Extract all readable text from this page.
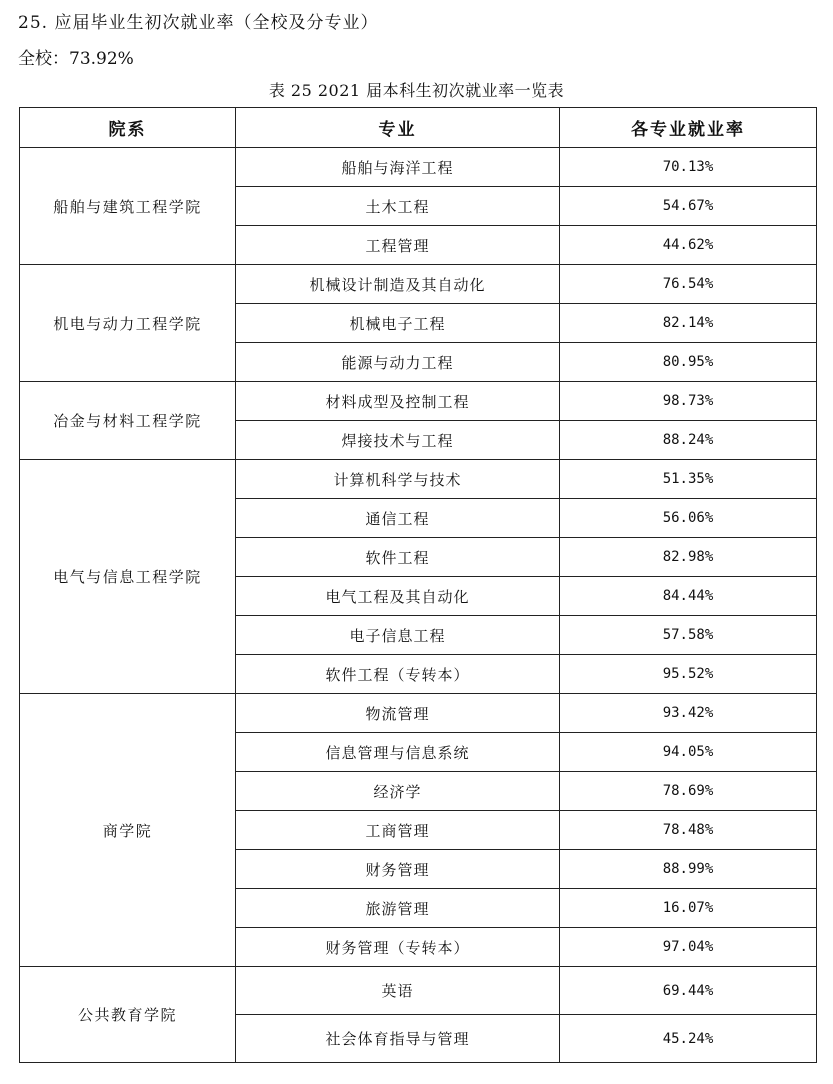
25. 应届毕业生初次就业率（全校及分专业）
全校：73.92%
表 25 2021 届本科生初次就业率一览表
院系	专业	各专业就业率
船舶与建筑工程学院	船舶与海洋工程	70.13%
	土木工程	54.67%
	工程管理	44.62%
机电与动力工程学院	机械设计制造及其自动化	76.54%
	机械电子工程	82.14%
	能源与动力工程	80.95%
冶金与材料工程学院	材料成型及控制工程	98.73%
	焊接技术与工程	88.24%
电气与信息工程学院	计算机科学与技术	51.35%
	通信工程	56.06%
	软件工程	82.98%
	电气工程及其自动化	84.44%
	电子信息工程	57.58%
	软件工程（专转本）	95.52%
商学院	物流管理	93.42%
	信息管理与信息系统	94.05%
	经济学	78.69%
	工商管理	78.48%
	财务管理	88.99%
	旅游管理	16.07%
	财务管理（专转本）	97.04%
公共教育学院	英语	69.44%
	社会体育指导与管理	45.24%
